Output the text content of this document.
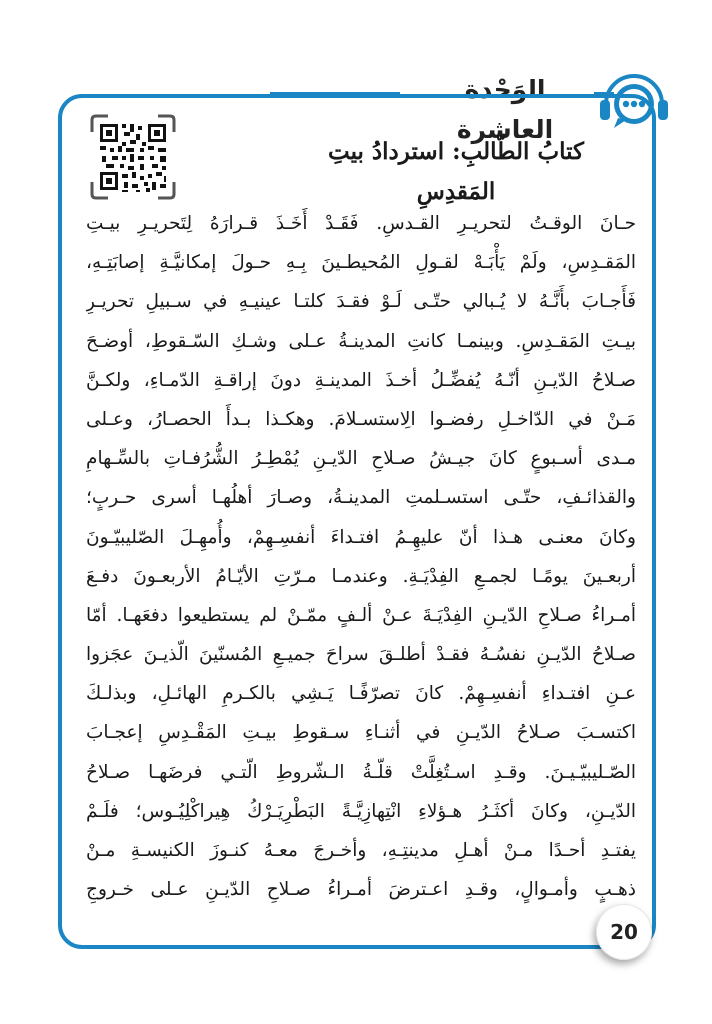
الوَحْدة العاشرة
كتابُ الطّالبِ: استردادُ بيتِ المَقدِسِ
حـانَ الوقـتُ لتحريـرِ القـدسِ. فَقَـدْ أَخَـذَ قـرارَهُ لِتَحريـرِ بيـتِ
المَقـدِسِ، ولَمْ يَأْبَـهْ لقـولِ المُحيطـينَ بِـهِ حـولَ إمكانيَّـةِ إصابَتِـهِ،
فَأَجـابَ بأَنَّـهُ لا يُـبالي حتّـى لَـوْ فقـدَ كلتـا عينيـهِ في سـبيلِ تحريـرِ
بيـتِ المَقـدِسِ. وبينمـا كانتِ المدينـةُ عـلى وشـكِ السّـقوطِ، أوضـحَ
صـلاحُ الدّيـنِ أنّـهُ يُفضِّـلُ أخـذَ المدينـةِ دونَ إراقـةِ الدّمـاءِ، ولكـنَّ
مَـنْ في الدّاخـلِ رفضـوا الِاستسـلامَ. وهكـذا بـدأَ الحصـارُ، وعـلى
مـدى أسـبوعٍ كانَ جيـشُ صـلاحِ الدّيـنِ يُمْطِـرُ الشُّرُفـاتِ بالسِّـهامِ
والقذائـفِ، حتّـى استسـلمتِ المدينـةُ، وصـارَ أهلُهـا أسرى حـربٍ؛
وكانَ معنـى هـذا أنّ عليهِـمُ افتـداءَ أنفسِـهِمْ، وأُمهِـلَ الصّليبيّـونَ
أربعـينَ يومًـا لجمـعِ الفِدْيَـةِ. وعندمـا مـرّتِ الأيّـامُ الأربعـونَ دفـعَ
أمـراءُ صـلاحِ الدّيـنِ الفِدْيَـةَ عـنْ ألـفٍ ممّـنْ لم يستطيعوا دفعَهـا. أمّا
صـلاحُ الدّيـنِ نفسُـهُ فقـدْ أطلـقَ سراحَ جميـعِ المُسنّينَ الّذيـنَ عجَزوا
عـنِ افتـداءِ أنفسِـهِمْ. كانَ تصرّفًـا يَـشِي بالكـرمِ الهائـلِ، وبذلـكَ
اكتسـبَ صـلاحُ الدّيـنِ في أثنـاءِ سـقوطِ بيـتِ المَقْـدِسِ إعجـابَ
الصّـليبيّـيـنَ. وقـدِ اسـتُغِلَّتْ قلّـةُ الـشّروطِ الّتـي فرضَهـا صـلاحُ
الدّيـنِ، وكانَ أكثَـرُ هـؤلاءِ انْتِهازِيَّـةً البَطْرِيَـرْكُ هِيراكْلِيُـوس؛ فلَـمْ
يفتـدِ أحـدًا مـنْ أهـلِ مدينتِـهِ، وأخـرجَ معـهُ كنـوزَ الكنيسـةِ مـنْ
ذهـبٍ وأمـوالٍ، وقـدِ اعـترضَ أمـراءُ صـلاحِ الدّيـنِ عـلى خـروجِ
20
